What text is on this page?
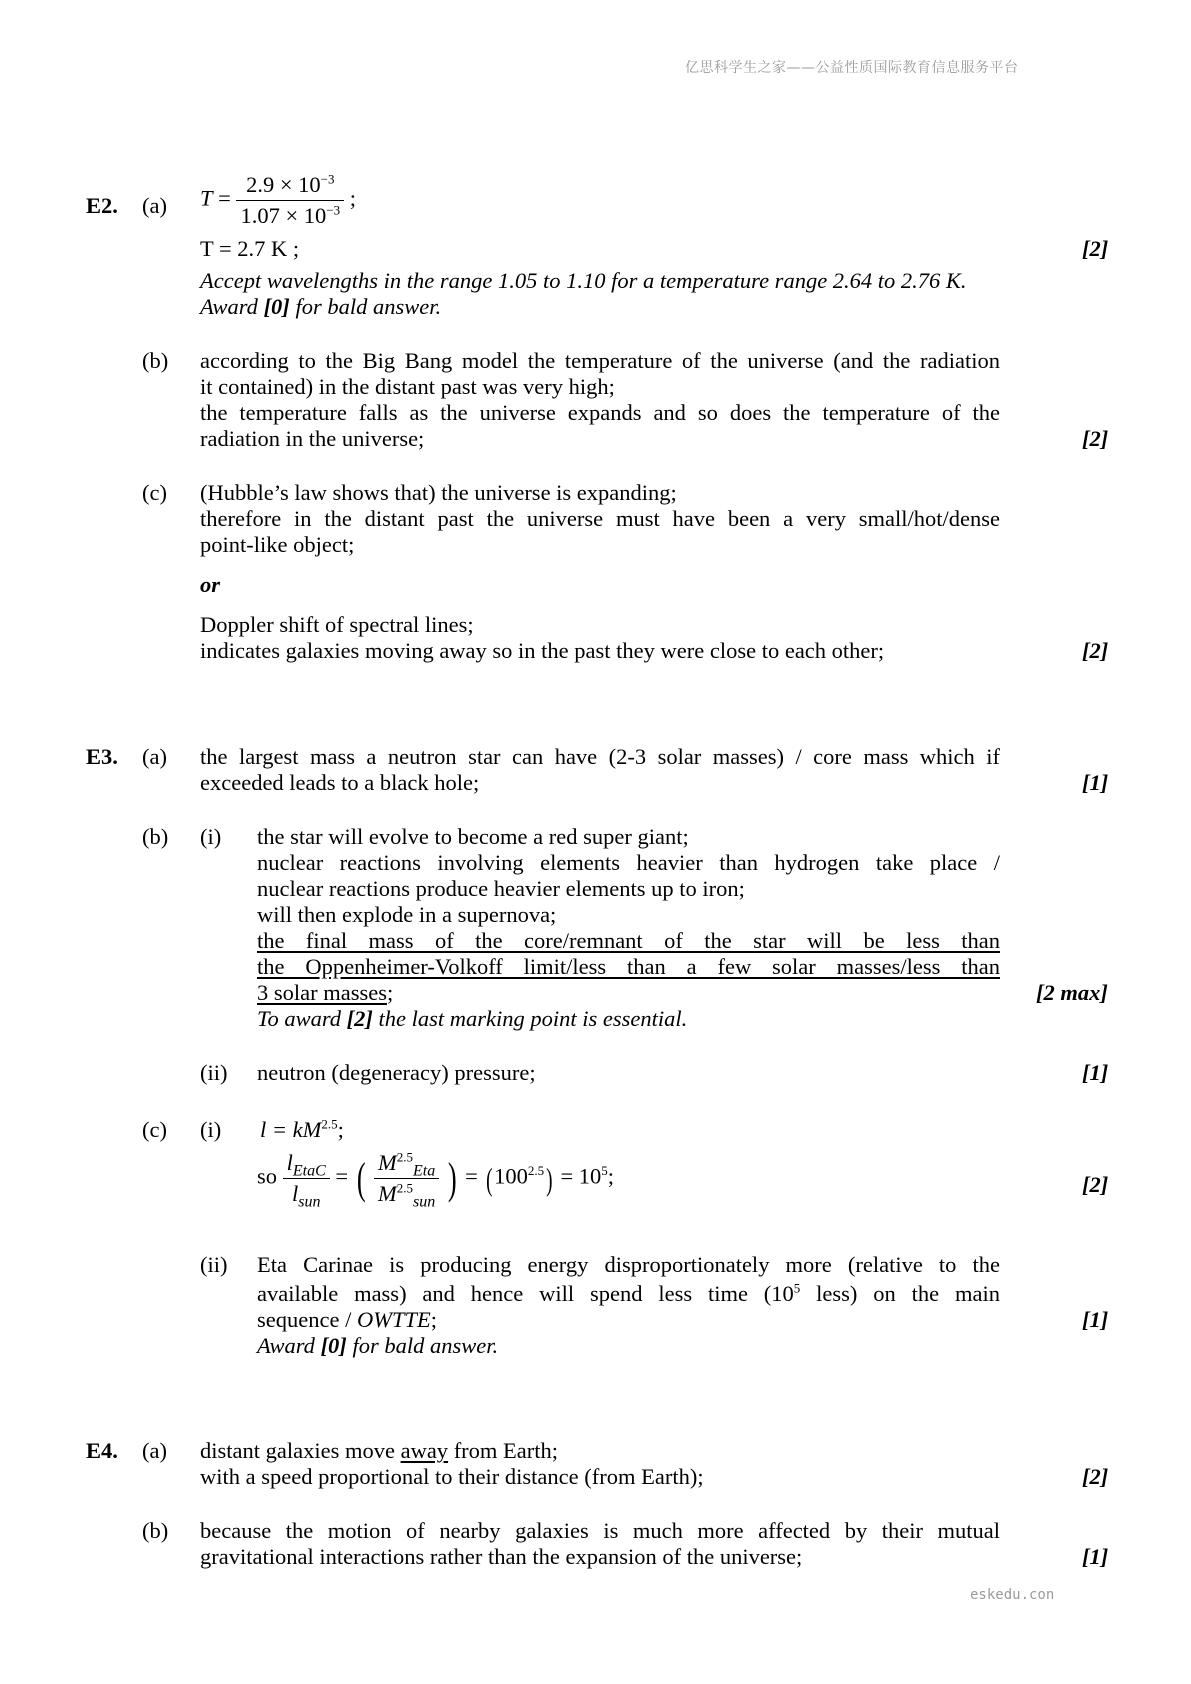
亿思科学生之家——公益性质国际教育信息服务平台
eskedu.con
E2. (a) $T = \frac{2.9 \times 10^{-3}}{1.07 \times 10^{-3}}$ ;
T = 2.7 K ;	[2]
Accept wavelengths in the range 1.05 to 1.10 for a temperature range 2.64 to 2.76 K.
Award [0] for bald answer.
(b) according to the Big Bang model the temperature of the universe (and the radiation
it contained) in the distant past was very high;
the temperature falls as the universe expands and so does the temperature of the
radiation in the universe;	[2]
(c) (Hubble’s law shows that) the universe is expanding;
therefore in the distant past the universe must have been a very small/hot/dense
point-like object;
or
Doppler shift of spectral lines;
indicates galaxies moving away so in the past they were close to each other;	[2]
E3. (a) the largest mass a neutron star can have (2-3 solar masses) / core mass which if
exceeded leads to a black hole;	[1]
(b) (i) the star will evolve to become a red super giant;
nuclear reactions involving elements heavier than hydrogen take place /
nuclear reactions produce heavier elements up to iron;
will then explode in a supernova;
the final mass of the core/remnant of the star will be less than
the Oppenheimer-Volkoff limit/less than a few solar masses/less than
3 solar masses;	[2 max]
To award [2] the last marking point is essential.
(ii) neutron (degeneracy) pressure;	[1]
(c) (i) $l = kM^{2.5}$;
so $\frac{l_{EtaC}}{l_{sun}}$ = ( $\frac{M^{2.5}_{Eta}}{M^{2.5}_{sun}}$ ) = $(100^{2.5}) = 10^5$;	[2]
(ii) Eta Carinae is producing energy disproportionately more (relative to the
available mass) and hence will spend less time ($10^5$ less) on the main
sequence / OWTTE;	[1]
Award [0] for bald answer.
E4. (a) distant galaxies move away from Earth;
with a speed proportional to their distance (from Earth);	[2]
(b) because the motion of nearby galaxies is much more affected by their mutual
gravitational interactions rather than the expansion of the universe;	[1]
